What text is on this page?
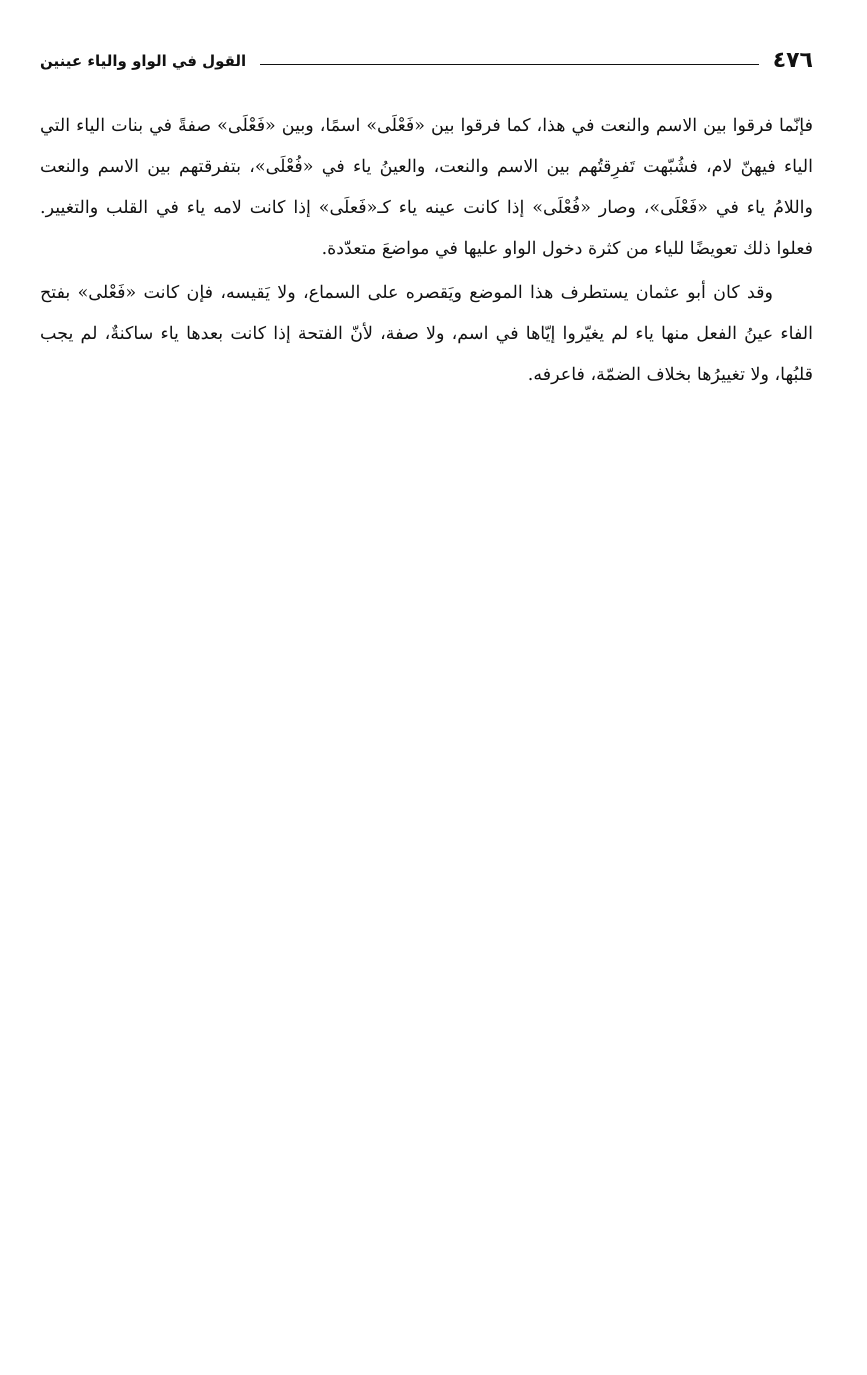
٤٧٦
القول في الواو والياء عينين

فإنّما فرقوا بين الاسم والنعت في هذا، كما فرقوا بين «فَعْلَى» اسمًا، وبين «فَعْلَى» صفةً في بنات الياء التي الياء فيهنّ لام، فشُبّهت تَفرِقتُهم بين الاسم والنعت، والعينُ ياء في «فُعْلَى»، بتفرقتهم بين الاسم والنعت واللامُ ياء في «فَعْلَى»، وصار «فُعْلَى» إذا كانت عينه ياء كـ«فَعلَى» إذا كانت لامه ياء في القلب والتغيير. فعلوا ذلك تعويضًا للياء من كثرة دخول الواو عليها في مواضعَ متعدّدة.

وقد كان أبو عثمان يستطرف هذا الموضع ويَقصره على السماع، ولا يَقيسه، فإن كانت «فَعْلى» بفتح الفاء عينُ الفعل منها ياء لم يغيّروا إيّاها في اسم، ولا صفة، لأنّ الفتحة إذا كانت بعدها ياء ساكنةٌ، لم يجب قلبُها، ولا تغييرُها بخلاف الضمّة، فاعرفه.
